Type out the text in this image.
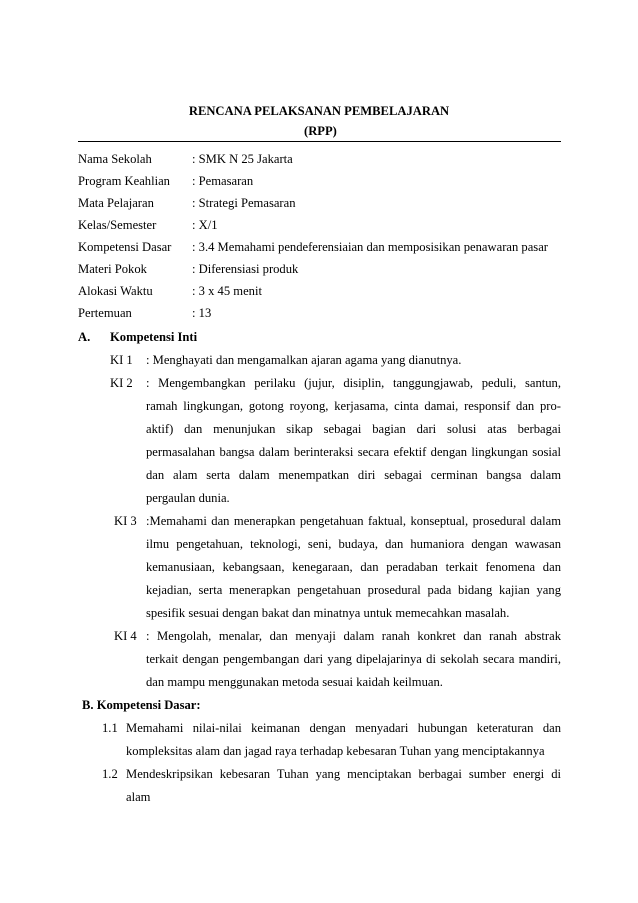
RENCANA PELAKSANAN PEMBELAJARAN
(RPP)
Nama Sekolah	: SMK N 25 Jakarta
Program Keahlian : Pemasaran
Mata Pelajaran	: Strategi Pemasaran
Kelas/Semester	: X/1
Kompetensi Dasar : 3.4 Memahami pendeferensiaian dan memposisikan penawaran pasar
Materi Pokok	: Diferensiasi produk
Alokasi Waktu	: 3 x 45 menit
Pertemuan	: 13
A. Kompetensi Inti
KI 1 : Menghayati dan mengamalkan ajaran agama yang dianutnya.
KI 2 : Mengembangkan perilaku (jujur, disiplin, tanggungjawab, peduli, santun,
ramah lingkungan, gotong royong, kerjasama, cinta damai, responsif dan pro-
aktif) dan menunjukan sikap sebagai bagian dari solusi atas berbagai
permasalahan bangsa dalam berinteraksi secara efektif dengan lingkungan sosial
dan alam serta dalam menempatkan diri sebagai cerminan bangsa dalam
pergaulan dunia.
KI 3 :Memahami dan menerapkan pengetahuan faktual, konseptual, prosedural dalam
ilmu pengetahuan, teknologi, seni, budaya, dan humaniora dengan wawasan
kemanusiaan, kebangsaan, kenegaraan, dan peradaban terkait fenomena dan
kejadian, serta menerapkan pengetahuan prosedural pada bidang kajian yang
spesifik sesuai dengan bakat dan minatnya untuk memecahkan masalah.
KI 4 : Mengolah, menalar, dan menyaji dalam ranah konkret dan ranah abstrak
terkait dengan pengembangan dari yang dipelajarinya di sekolah secara mandiri,
dan mampu menggunakan metoda sesuai kaidah keilmuan.
B. Kompetensi Dasar:
1.1 Memahami nilai-nilai keimanan dengan menyadari hubungan keteraturan dan
kompleksitas alam dan jagad raya terhadap kebesaran Tuhan yang menciptakannya
1.2 Mendeskripsikan kebesaran Tuhan yang menciptakan berbagai sumber energi di
alam
